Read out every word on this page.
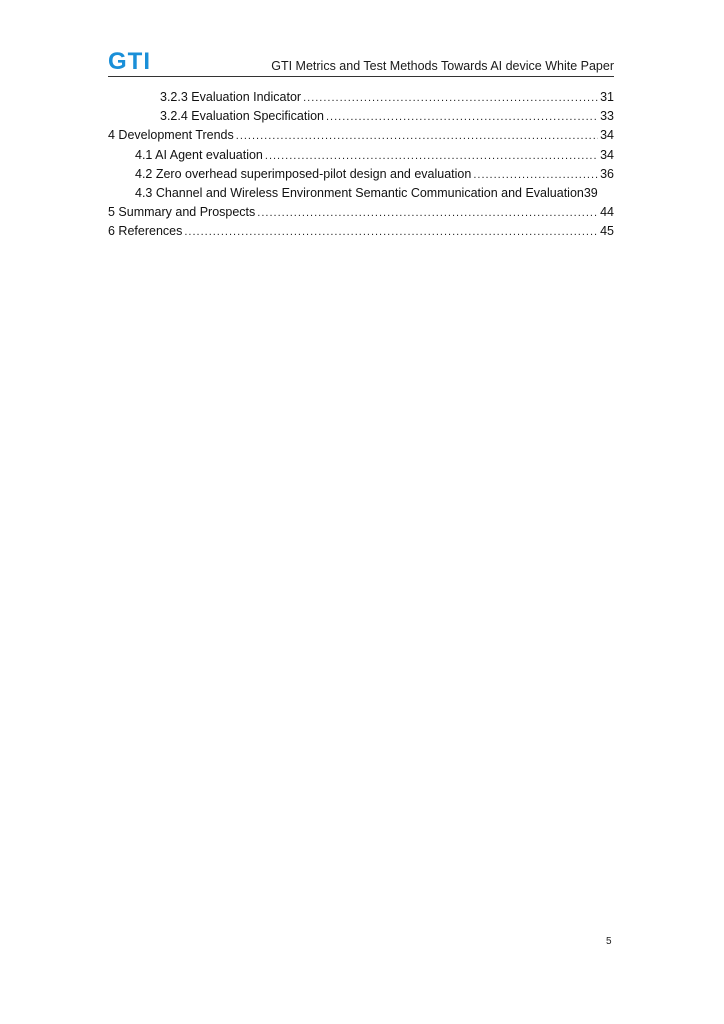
GTI	GTI Metrics and Test Methods Towards AI device White Paper
3.2.3 Evaluation Indicator .....	31
3.2.4 Evaluation Specification .....	33
4 Development Trends .....	34
4.1 AI Agent evaluation .....	34
4.2 Zero overhead superimposed-pilot design and evaluation .....	36
4.3 Channel and Wireless Environment Semantic Communication and Evaluation 39
5 Summary and Prospects .....	44
6 References .....	45
5
